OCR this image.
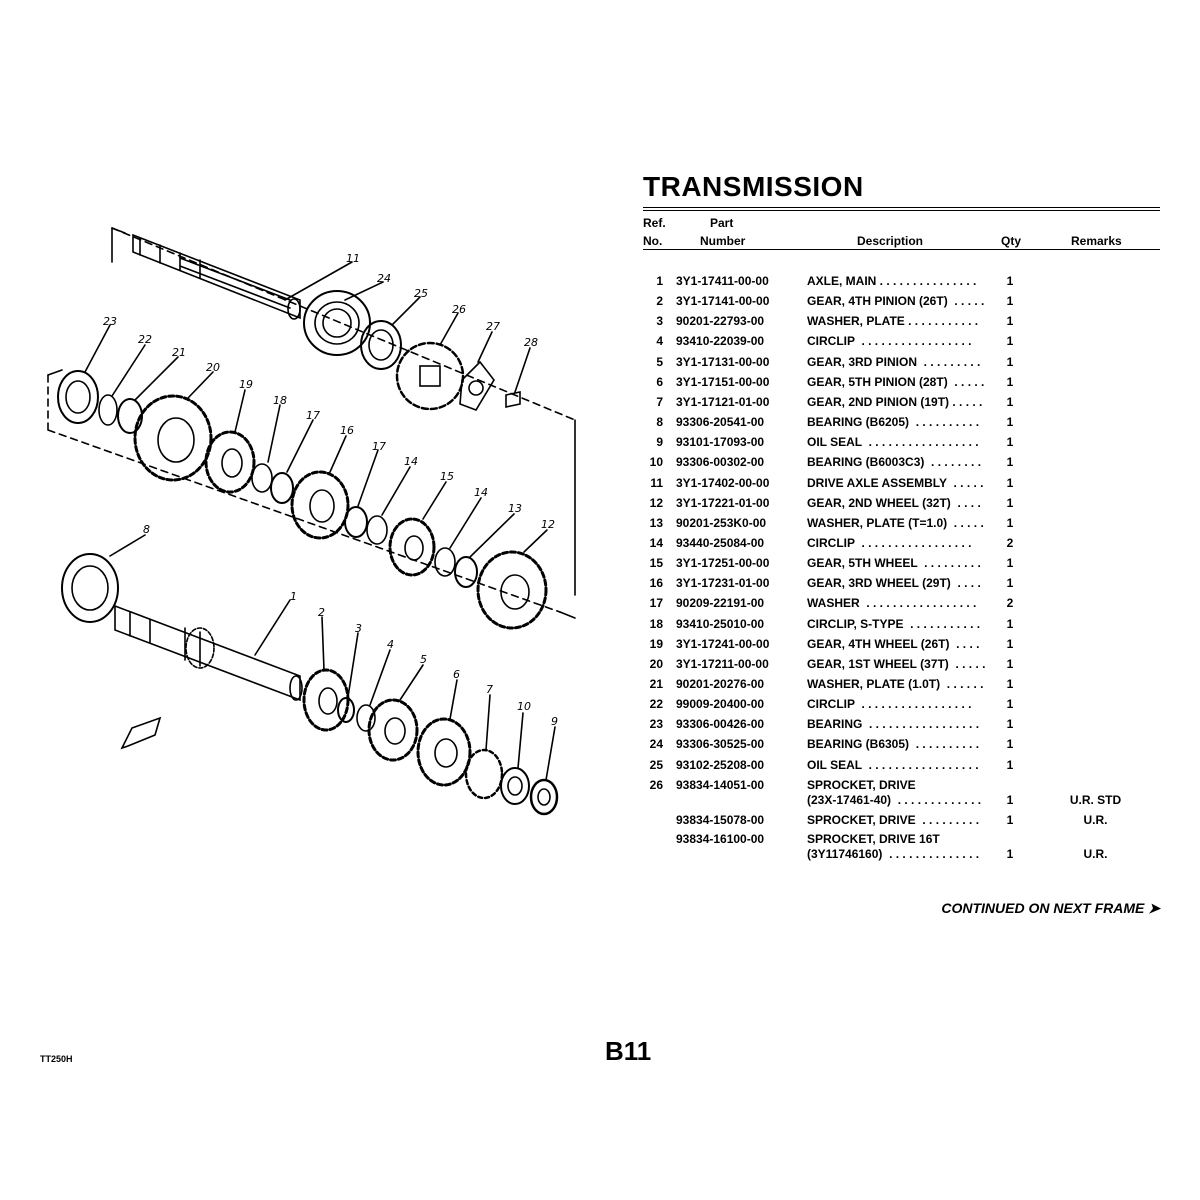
11
24
25
26
27
28
23
22
21
20
19
18
17
16
17
14
15
14
13
12
8
1
2
3
4
5
6
7
10
9
TRANSMISSION
Ref.
No.
Part
Number	Description	Qty	Remarks
1 3Y1-17411-00-00	AXLE, MAIN . . . . . . . . . . . . . . .	1
2 3Y1-17141-00-00	GEAR, 4TH PINION (26T)  . . . . .	1
3 90201-22793-00	WASHER, PLATE . . . . . . . . . . .	1
4 93410-22039-00	CIRCLIP  . . . . . . . . . . . . . . . . .	1
5 3Y1-17131-00-00	GEAR, 3RD PINION  . . . . . . . . .	1
6 3Y1-17151-00-00	GEAR, 5TH PINION (28T)  . . . . .	1
7 3Y1-17121-01-00	GEAR, 2ND PINION (19T) . . . . .	1
8 93306-20541-00	BEARING (B6205)  . . . . . . . . . .	1
9 93101-17093-00	OIL SEAL  . . . . . . . . . . . . . . . . .	1
10 93306-00302-00	BEARING (B6003C3)  . . . . . . . .	1
11 3Y1-17402-00-00	DRIVE AXLE ASSEMBLY  . . . . .	1
12 3Y1-17221-01-00	GEAR, 2ND WHEEL (32T)  . . . .	1
13 90201-253K0-00	WASHER, PLATE (T=1.0)  . . . . .	1
14 93440-25084-00	CIRCLIP  . . . . . . . . . . . . . . . . .	2
15 3Y1-17251-00-00	GEAR, 5TH WHEEL  . . . . . . . . .	1
16 3Y1-17231-01-00	GEAR, 3RD WHEEL (29T)  . . . .	1
17 90209-22191-00	WASHER  . . . . . . . . . . . . . . . . .	2
18 93410-25010-00	CIRCLIP, S-TYPE  . . . . . . . . . . .	1
19 3Y1-17241-00-00	GEAR, 4TH WHEEL (26T)  . . . .	1
20 3Y1-17211-00-00	GEAR, 1ST WHEEL (37T)  . . . . .	1
21 90201-20276-00	WASHER, PLATE (1.0T)  . . . . . .	1
22 99009-20400-00	CIRCLIP  . . . . . . . . . . . . . . . . .	1
23 93306-00426-00	BEARING  . . . . . . . . . . . . . . . . .	1
24 93306-30525-00	BEARING (B6305)  . . . . . . . . . .	1
25 93102-25208-00	OIL SEAL  . . . . . . . . . . . . . . . . .	1
26 93834-14051-00	SPROCKET, DRIVE
(23X-17461-40)  . . . . . . . . . . . . .	1	U.R. STD
93834-15078-00	SPROCKET, DRIVE  . . . . . . . . .	1	U.R.
93834-16100-00	SPROCKET, DRIVE 16T
(3Y11746160)  . . . . . . . . . . . . . .	1	U.R.
CONTINUED ON NEXT FRAME ➤
B11
TT250H
